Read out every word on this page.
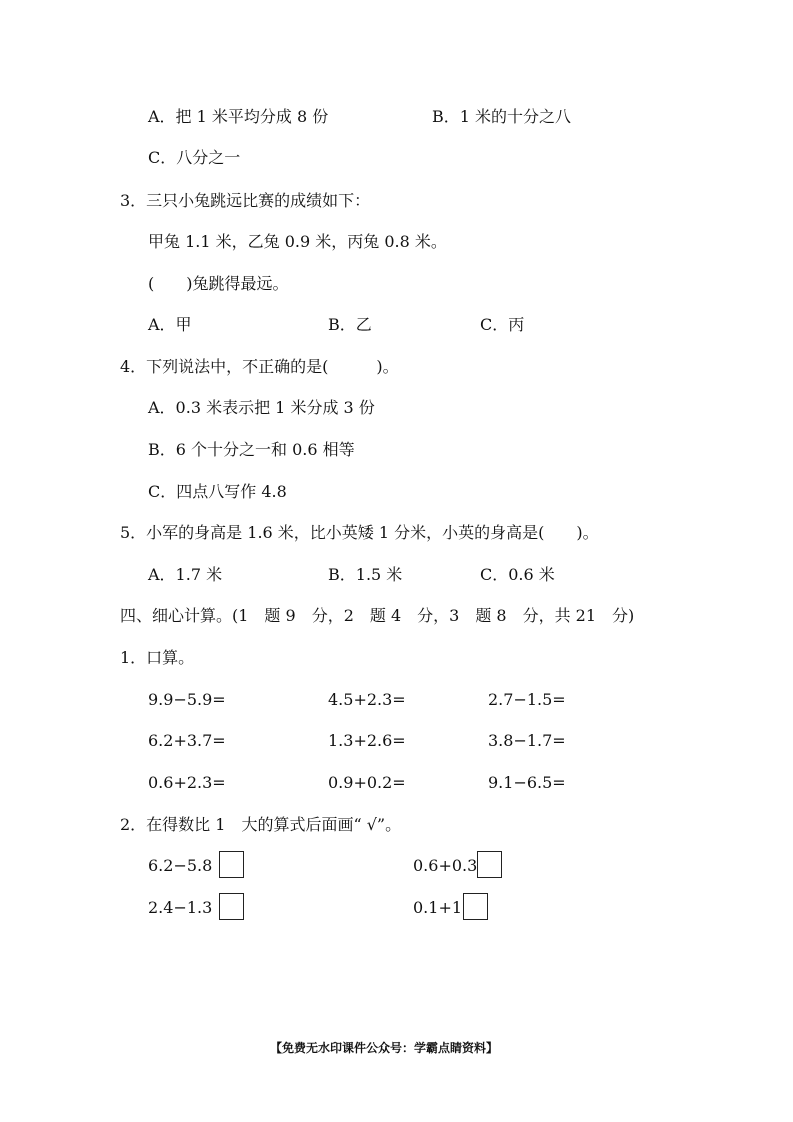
A．把 1 米平均分成 8 份	B．1 米的十分之八
C．八分之一
3．三只小兔跳远比赛的成绩如下：
甲兔 1.1 米，乙兔 0.9 米，丙兔 0.8 米。
(　　)兔跳得最远。
A．甲	B．乙	C．丙
4．下列说法中，不正确的是(　　　)。
A．0.3 米表示把 1 米分成 3 份
B．6 个十分之一和 0.6 相等
C．四点八写作 4.8
5．小军的身高是 1.6 米，比小英矮 1 分米，小英的身高是(　　)。
A．1.7 米	B．1.5 米	C．0.6 米
四、细心计算。(1　题 9　分，2　题 4　分，3　题 8　分，共 21　分)
1．口算。
9.9−5.9=	4.5+2.3=	2.7−1.5=
6.2+3.7=	1.3+2.6=	3.8−1.7=
0.6+2.3=	0.9+0.2=	9.1−6.5=
2．在得数比 1　大的算式后面画“ √”。
6.2−5.8	0.6+0.3
2.4−1.3	0.1+1
【免费无水印课件公众号：学霸点睛资料】
